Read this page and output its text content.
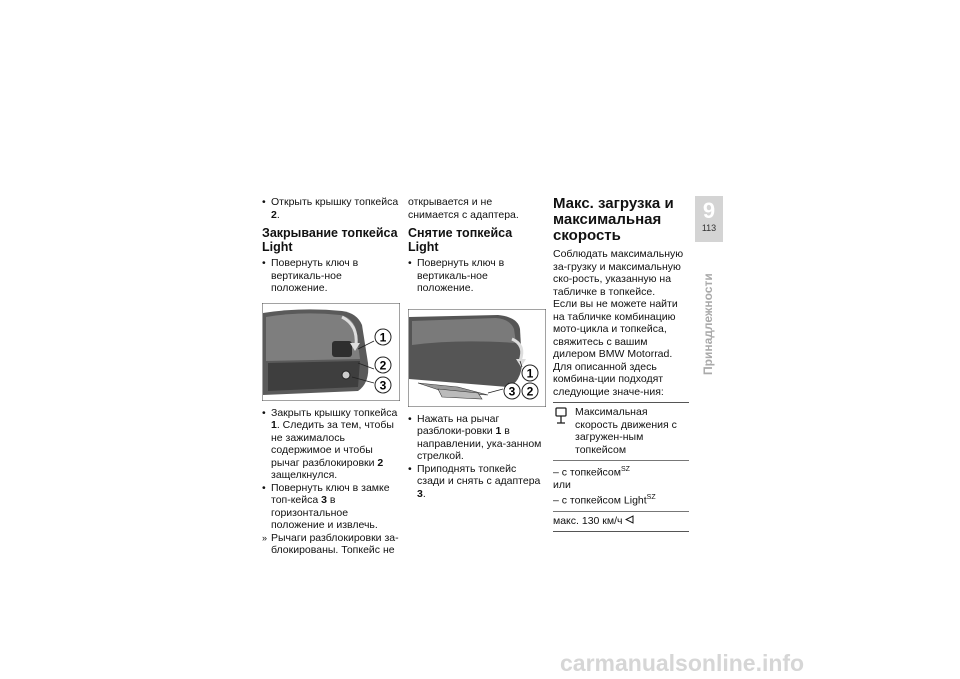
• Открыть крышку топкейса 2.

Закрывание топкейса Light

• Повернуть ключ в вертикаль-ное положение.

1
2
3

• Закрыть крышку топкейса 1. Следить за тем, чтобы не зажималось содержимое и чтобы рычаг разблокировки 2 защелкнулся.

• Повернуть ключ в замке топ-кейса 3 в горизонтальное положение и извлечь.

» Рычаги разблокировки за-блокированы. Топкейс не

открывается и не снимается с адаптера.

Снятие топкейса Light

• Повернуть ключ в вертикаль-ное положение.

1
3 2

• Нажать на рычаг разблоки-ровки 1 в направлении, ука-занном стрелкой.

• Приподнять топкейс сзади и снять с адаптера 3.

Макс. загрузка и максимальная скорость

Соблюдать максимальную за-грузку и максимальную ско-рость, указанную на табличке в топкейсе.

Если вы не можете найти на табличке комбинацию мото-цикла и топкейса, свяжитесь с вашим дилером BMW Motorrad. Для описанной здесь комбина-ции подходят следующие значе-ния:

Максимальная скорость движения с загружен-ным топкейсом
– с топкейсом$^{SZ}$
или
– с топкейсом Light$^{SZ}$
макс. 130 км/ч
9
113
Принадлежности
carmanualsonline.info
